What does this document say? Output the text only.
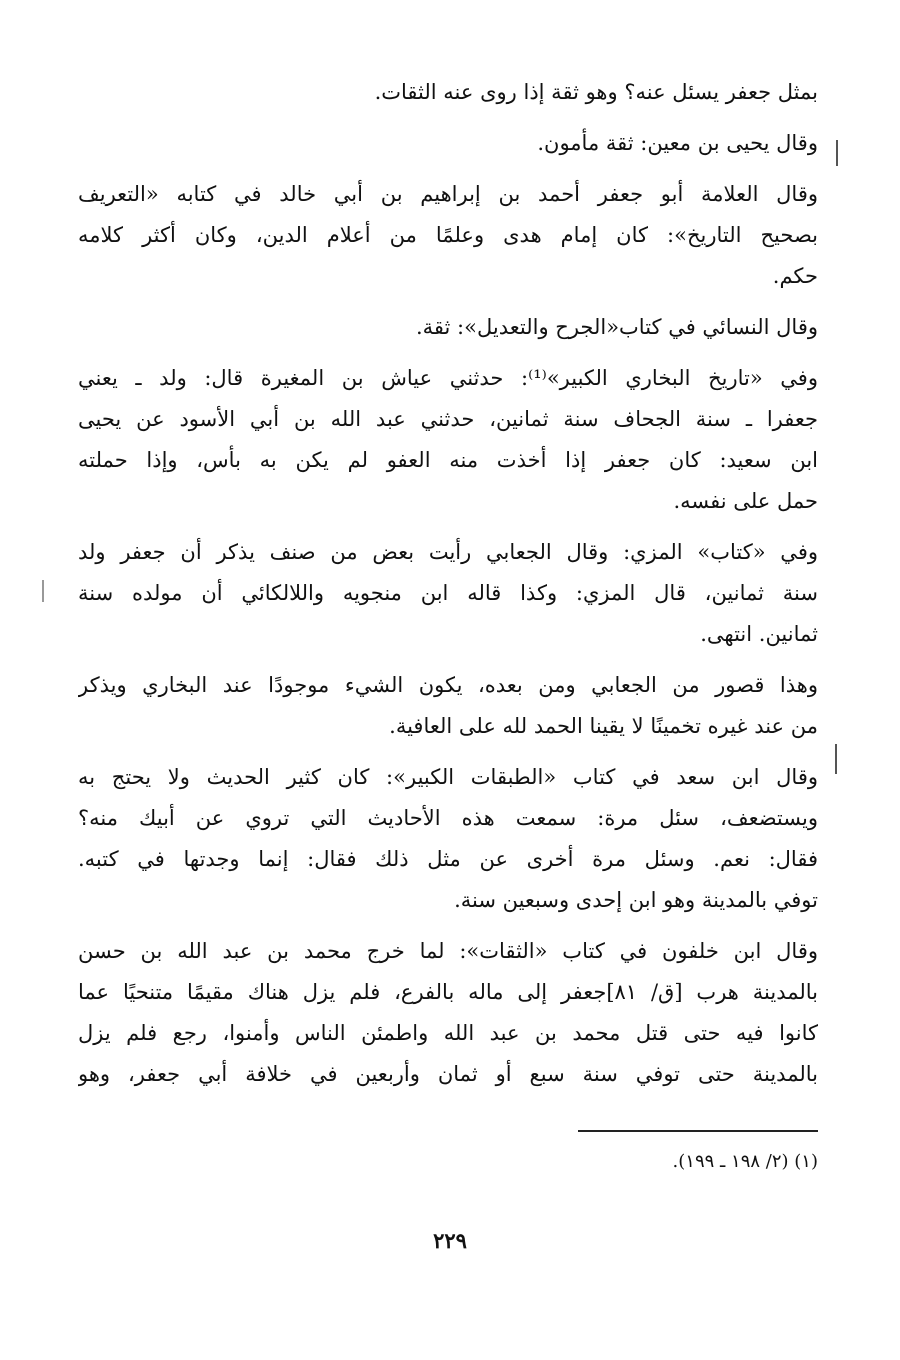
بمثل جعفر يسئل عنه؟ وهو ثقة إذا روى عنه الثقات.
وقال يحيى بن معين: ثقة مأمون.
وقال العلامة أبو جعفر أحمد بن إبراهيم بن أبي خالد في كتابه «التعريف
بصحيح التاريخ»: كان إمام هدى وعلمًا من أعلام الدين، وكان أكثر كلامه
حكم.
وقال النسائي في كتاب«الجرح والتعديل»: ثقة.
وفي «تاريخ البخاري الكبير»⁽¹⁾: حدثني عياش بن المغيرة قال: ولد ـ يعني
جعفرا ـ سنة الجحاف سنة ثمانين، حدثني عبد الله بن أبي الأسود عن يحيى
ابن سعيد: كان جعفر إذا أخذت منه العفو لم يكن به بأس، وإذا حملته
حمل على نفسه.
وفي «كتاب» المزي: وقال الجعابي رأيت بعض من صنف يذكر أن جعفر ولد
سنة ثمانين، قال المزي: وكذا قاله ابن منجويه واللالكائي أن مولده سنة
ثمانين. انتهى.
وهذا قصور من الجعابي ومن بعده، يكون الشيء موجودًا عند البخاري ويذكر
من عند غيره تخمينًا لا يقينا الحمد لله على العافية.
وقال ابن سعد في كتاب «الطبقات الكبير»: كان كثير الحديث ولا يحتج به
ويستضعف، سئل مرة: سمعت هذه الأحاديث التي تروي عن أبيك منه؟
فقال: نعم. وسئل مرة أخرى عن مثل ذلك فقال: إنما وجدتها في كتبه.
توفي بالمدينة وهو ابن إحدى وسبعين سنة.
وقال ابن خلفون في كتاب «الثقات»: لما خرج محمد بن عبد الله بن حسن
بالمدينة هرب [ق/ ٨١]جعفر إلى ماله بالفرع، فلم يزل هناك مقيمًا متنحيًا عما
كانوا فيه حتى قتل محمد بن عبد الله واطمئن الناس وأمنوا، رجع فلم يزل
بالمدينة حتى توفي سنة سبع أو ثمان وأربعين في خلافة أبي جعفر، وهو
(١) (٢/ ١٩٨ ـ ١٩٩).
٢٢٩
